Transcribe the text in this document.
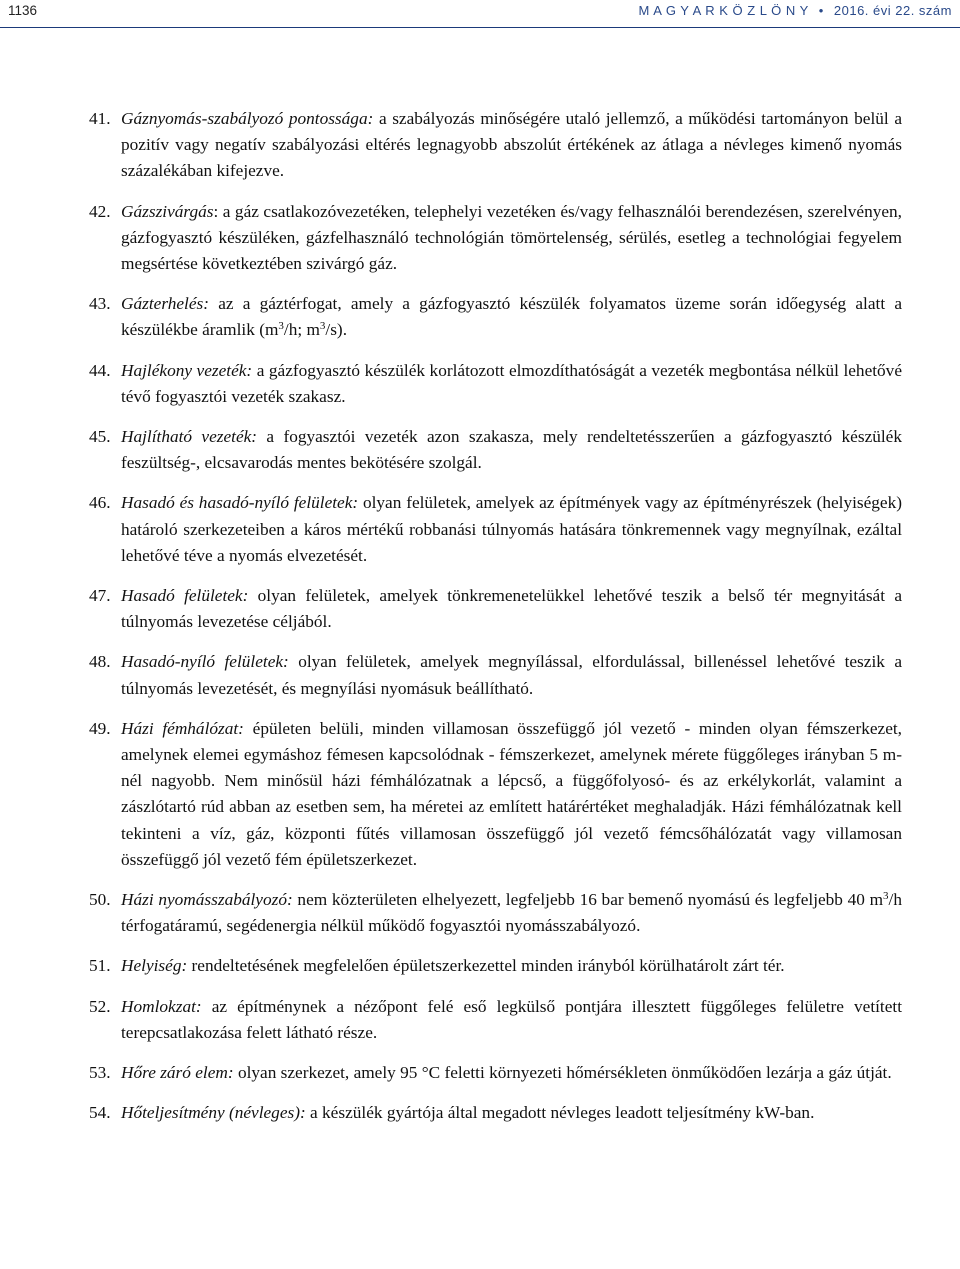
1136	M A G Y A R K Ö Z L Ö N Y • 2016. évi 22. szám
41. Gáznyomás-szabályozó pontossága: a szabályozás minőségére utaló jellemző, a működési tartományon belül a pozitív vagy negatív szabályozási eltérés legnagyobb abszolút értékének az átlaga a névleges kimenő nyomás százalékában kifejezve.
42. Gázszivárgás: a gáz csatlakozóvezetéken, telephelyi vezetéken és/vagy felhasználói berendezésen, szerelvényen, gázfogyasztó készüléken, gázfelhasználó technológián tömörtelenség, sérülés, esetleg a technológiai fegyelem megsértése következtében szivárgó gáz.
43. Gázterhelés: az a gáztérfogat, amely a gázfogyasztó készülék folyamatos üzeme során időegység alatt a készülékbe áramlik ($m^3/h$; $m^3/s$).
44. Hajlékony vezeték: a gázfogyasztó készülék korlátozott elmozdíthatóságát a vezeték megbontása nélkül lehetővé tévő fogyasztói vezeték szakasz.
45. Hajlítható vezeték: a fogyasztói vezeték azon szakasza, mely rendeltetésszerűen a gázfogyasztó készülék feszültség-, elcsavarodás mentes bekötésére szolgál.
46. Hasadó és hasadó-nyíló felületek: olyan felületek, amelyek az építmények vagy az építményrészek (helyiségek) határoló szerkezeteiben a káros mértékű robbanási túlnyomás hatására tönkremennek vagy megnyílnak, ezáltal lehetővé téve a nyomás elvezetését.
47. Hasadó felületek: olyan felületek, amelyek tönkremenetelükkel lehetővé teszik a belső tér megnyitását a túlnyomás levezetése céljából.
48. Hasadó-nyíló felületek: olyan felületek, amelyek megnyílással, elfordulással, billenéssel lehetővé teszik a túlnyomás levezetését, és megnyílási nyomásuk beállítható.
49. Házi fémhálózat: épületen belüli, minden villamosan összefüggő jól vezető - minden olyan fémszerkezet, amelynek elemei egymáshoz fémesen kapcsolódnak - fémszerkezet, amelynek mérete függőleges irányban 5 m-nél nagyobb. Nem minősül házi fémhálózatnak a lépcső, a függőfolyosó- és az erkélykorlát, valamint a zászlótartó rúd abban az esetben sem, ha méretei az említett határértéket meghaladják. Házi fémhálózatnak kell tekinteni a víz, gáz, központi fűtés villamosan összefüggő jól vezető fémcsőhálózatát vagy villamosan összefüggő jól vezető fém épületszerkezet.
50. Házi nyomásszabályozó: nem közterületen elhelyezett, legfeljebb 16 bar bemenő nyomású és legfeljebb 40 $m^3/h$ térfogatáramú, segédenergia nélkül működő fogyasztói nyomásszabályozó.
51. Helyiség: rendeltetésének megfelelően épületszerkezettel minden irányból körülhatárolt zárt tér.
52. Homlokzat: az építménynek a nézőpont felé eső legkülső pontjára illesztett függőleges felületre vetített terepcsatlakozása felett látható része.
53. Hőre záró elem: olyan szerkezet, amely 95 °C feletti környezeti hőmérsékleten önműködően lezárja a gáz útját.
54. Hőteljesítmény (névleges): a készülék gyártója által megadott névleges leadott teljesítmény kW-ban.
